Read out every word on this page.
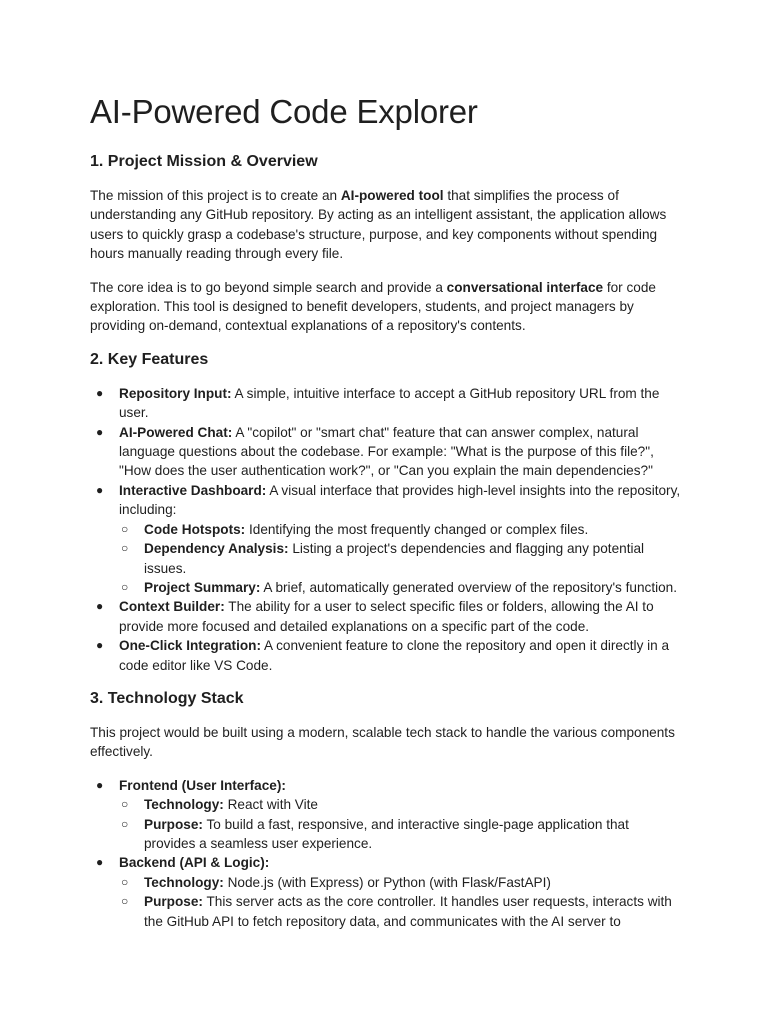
AI-Powered Code Explorer
1. Project Mission & Overview

The mission of this project is to create an AI-powered tool that simplifies the process of understanding any GitHub repository. By acting as an intelligent assistant, the application allows users to quickly grasp a codebase's structure, purpose, and key components without spending hours manually reading through every file.

The core idea is to go beyond simple search and provide a conversational interface for code exploration. This tool is designed to benefit developers, students, and project managers by providing on-demand, contextual explanations of a repository's contents.

2. Key Features
● Repository Input: A simple, intuitive interface to accept a GitHub repository URL from the user.
● AI-Powered Chat: A "copilot" or "smart chat" feature that can answer complex, natural language questions about the codebase. For example: "What is the purpose of this file?", "How does the user authentication work?", or "Can you explain the main dependencies?"
● Interactive Dashboard: A visual interface that provides high-level insights into the repository, including:
○ Code Hotspots: Identifying the most frequently changed or complex files.
○ Dependency Analysis: Listing a project's dependencies and flagging any potential issues.
○ Project Summary: A brief, automatically generated overview of the repository's function.
● Context Builder: The ability for a user to select specific files or folders, allowing the AI to provide more focused and detailed explanations on a specific part of the code.
● One-Click Integration: A convenient feature to clone the repository and open it directly in a code editor like VS Code.
3. Technology Stack

This project would be built using a modern, scalable tech stack to handle the various components effectively.

● Frontend (User Interface):
○ Technology: React with Vite
○ Purpose: To build a fast, responsive, and interactive single-page application that provides a seamless user experience.
● Backend (API & Logic):
○ Technology: Node.js (with Express) or Python (with Flask/FastAPI)
○ Purpose: This server acts as the core controller. It handles user requests, interacts with the GitHub API to fetch repository data, and communicates with the AI server to
